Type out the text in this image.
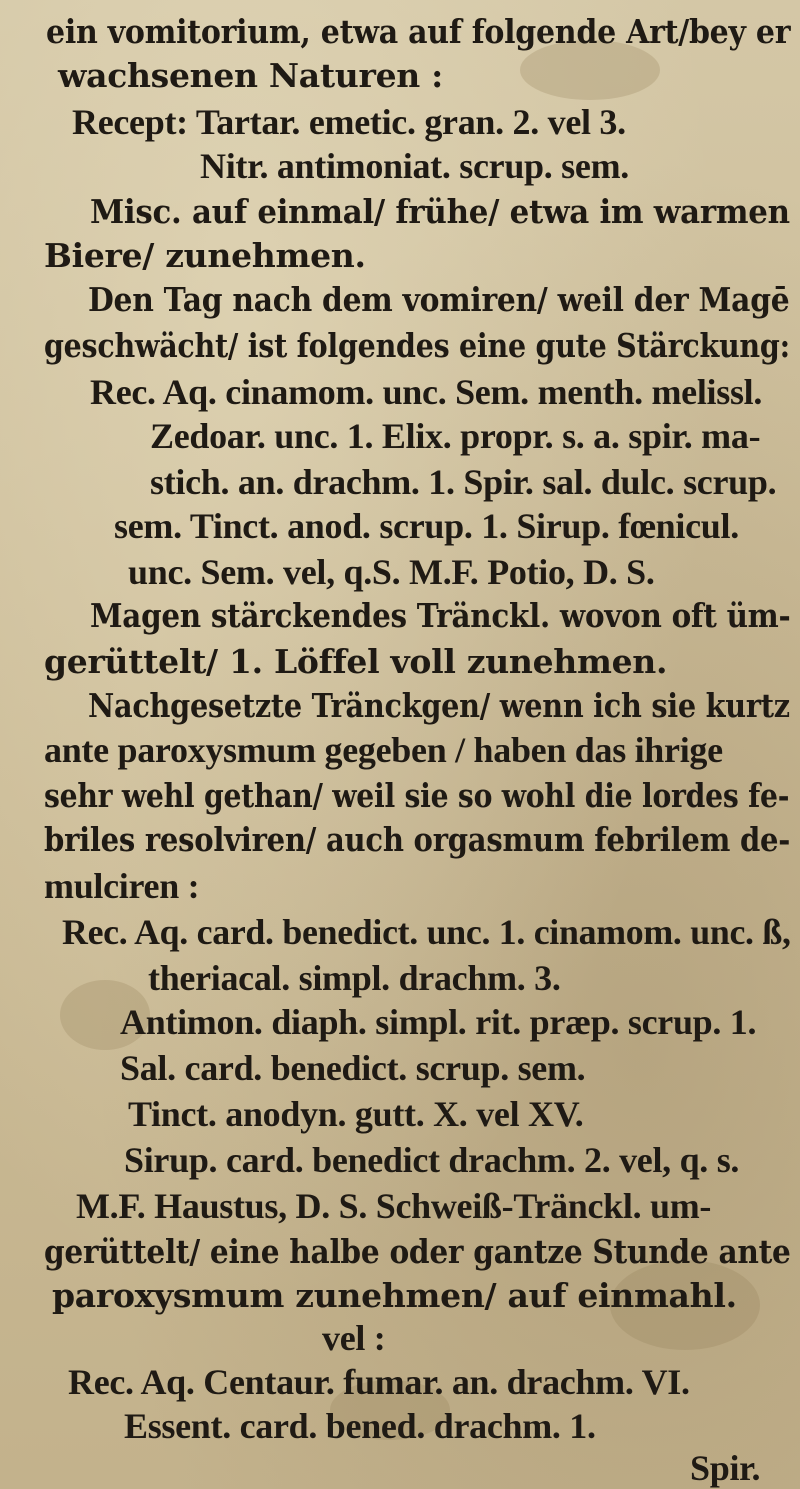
ein vomitorium, etwa auf folgende Art/bey er
wachsenen Naturen :
Recept: Tartar. emetic. gran. 2. vel 3.
Nitr. antimoniat. scrup. sem.
Misc. auf einmal/ frühe/ etwa im warmen
Biere/ zunehmen.
Den Tag nach dem vomiren/ weil der Magē
geschwächt/ ist folgendes eine gute Stärckung:
Rec. Aq. cinamom. unc. Sem. menth. melissl.
Zedoar. unc. 1. Elix. propr. s. a. spir. ma-
stich. an. drachm. 1. Spir. sal. dulc. scrup.
sem. Tinct. anod. scrup. 1. Sirup. fœnicul.
unc. Sem. vel, q.S. M.F. Potio, D. S.
Magen stärckendes Tränckl. wovon oft üm-
gerüttelt/ 1. Löffel voll zunehmen.
Nachgesetzte Tränckgen/ wenn ich sie kurtz
ante paroxysmum gegeben / haben das ihrige
sehr wehl gethan/ weil sie so wohl die lordes fe-
briles resolviren/ auch orgasmum febrilem de-
mulciren :
Rec. Aq. card. benedict. unc. 1. cinamom. unc. ß,
theriacal. simpl. drachm. 3.
Antimon. diaph. simpl. rit. præp. scrup. 1.
Sal. card. benedict. scrup. sem.
Tinct. anodyn. gutt. X. vel XV.
Sirup. card. benedict drachm. 2. vel, q. s.
M.F. Haustus, D. S. Schweiß-Tränckl. um-
gerüttelt/ eine halbe oder gantze Stunde ante
paroxysmum zunehmen/ auf einmahl.
vel :
Rec. Aq. Centaur. fumar. an. drachm. VI.
Essent. card. bened. drachm. 1.
Spir.
